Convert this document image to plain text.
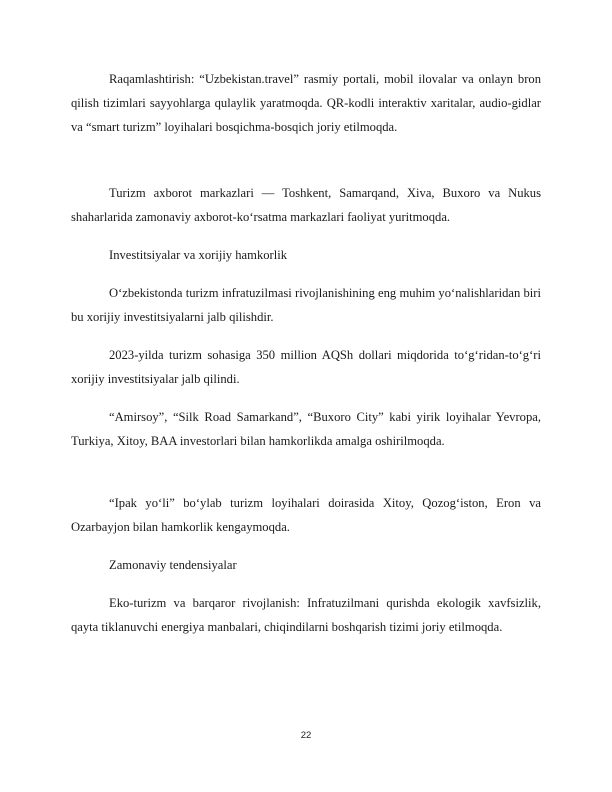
Raqamlashtirish: “Uzbekistan.travel” rasmiy portali, mobil ilovalar va onlayn bron qilish tizimlari sayyohlarga qulaylik yaratmoqda. QR-kodli interaktiv xaritalar, audio-gidlar va “smart turizm” loyihalari bosqichma-bosqich joriy etilmoqda.

Turizm axborot markazlari — Toshkent, Samarqand, Xiva, Buxoro va Nukus shaharlarida zamonaviy axborot-ko‘rsatma markazlari faoliyat yuritmoqda.

Investitsiyalar va xorijiy hamkorlik

O‘zbekistonda turizm infratuzilmasi rivojlanishining eng muhim yo‘nalishlaridan biri bu xorijiy investitsiyalarni jalb qilishdir.

2023-yilda turizm sohasiga 350 million AQSh dollari miqdorida to‘g‘ridan-to‘g‘ri xorijiy investitsiyalar jalb qilindi.

“Amirsoy”, “Silk Road Samarkand”, “Buxoro City” kabi yirik loyihalar Yevropa, Turkiya, Xitoy, BAA investorlari bilan hamkorlikda amalga oshirilmoqda.

“Ipak yo‘li” bo‘ylab turizm loyihalari doirasida Xitoy, Qozog‘iston, Eron va Ozarbayjon bilan hamkorlik kengaymoqda.

Zamonaviy tendensiyalar

Eko-turizm va barqaror rivojlanish: Infratuzilmani qurishda ekologik xavfsizlik, qayta tiklanuvchi energiya manbalari, chiqindilarni boshqarish tizimi joriy etilmoqda.

22
